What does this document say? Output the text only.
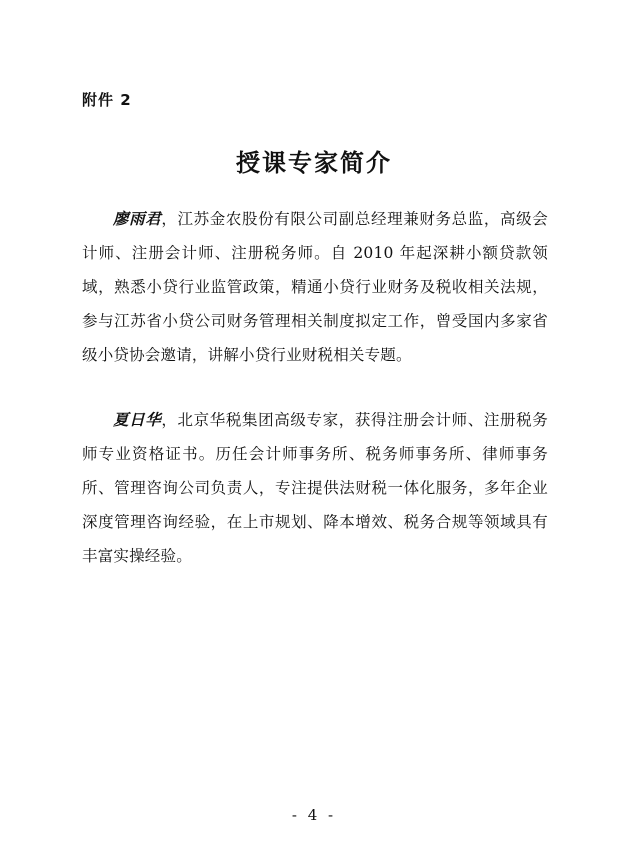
附件 2
授课专家简介

廖雨君，江苏金农股份有限公司副总经理兼财务总监，高级会计师、注册会计师、注册税务师。自 2010 年起深耕小额贷款领域，熟悉小贷行业监管政策，精通小贷行业财务及税收相关法规，参与江苏省小贷公司财务管理相关制度拟定工作，曾受国内多家省级小贷协会邀请，讲解小贷行业财税相关专题。

夏日华，北京华税集团高级专家，获得注册会计师、注册税务师专业资格证书。历任会计师事务所、税务师事务所、律师事务所、管理咨询公司负责人，专注提供法财税一体化服务，多年企业深度管理咨询经验，在上市规划、降本增效、税务合规等领域具有丰富实操经验。

- 4 -
